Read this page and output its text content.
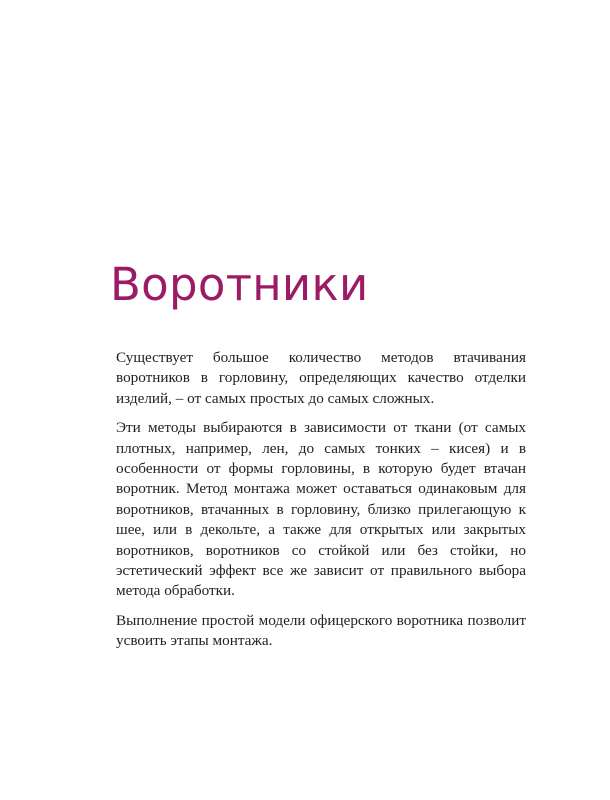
Воротники

Существует большое количество методов втачивания воротников в горловину, определяющих качество отделки изделий, – от самых простых до самых сложных.

Эти методы выбираются в зависимости от ткани (от самых плотных, например, лен, до самых тонких – кисея) и в особенности от формы горловины, в которую будет втачан воротник. Метод монтажа может оставаться одинаковым для воротников, втачанных в горловину, близко прилегающую к шее, или в декольте, а также для открытых или закрытых воротников, воротников со стойкой или без стойки, но эстетический эффект все же зависит от правильного выбора метода обработки.

Выполнение простой модели офицерского воротника позволит усвоить этапы монтажа.
